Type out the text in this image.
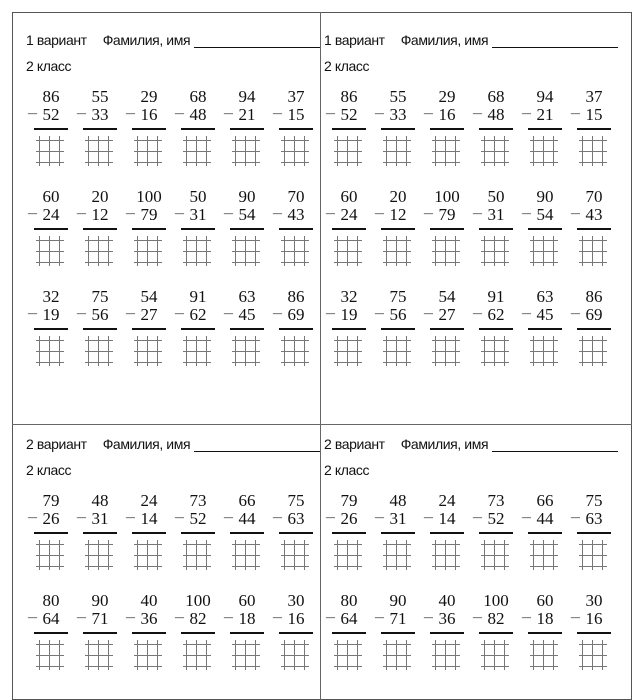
1 вариант Фамилия, имя
2 класс
_
86
52	_
55
33	_
29
16	_
68
48	_
94
21	_
37
15
_
60
24	_
20
12	_
100
79	_
50
31	_
90
54	_
70
43
_
32
19	_
75
56	_
54
27	_
91
62	_
63
45	_
86
69
1 вариант Фамилия, имя
2 класс
_
86
52	_
55
33	_
29
16	_
68
48	_
94
21	_
37
15
_
60
24	_
20
12	_
100
79	_
50
31	_
90
54	_
70
43
_
32
19	_
75
56	_
54
27	_
91
62	_
63
45	_
86
69
2 вариант Фамилия, имя
2 класс
_
79
26	_
48
31	_
24
14	_
73
52	_
66
44	_
75
63
_
80
64	_
90
71	_
40
36	_
100
82	_
60
18	_
30
16
2 вариант Фамилия, имя
2 класс
_
79
26	_
48
31	_
24
14	_
73
52	_
66
44	_
75
63
_
80
64	_
90
71	_
40
36	_
100
82	_
60
18	_
30
16
